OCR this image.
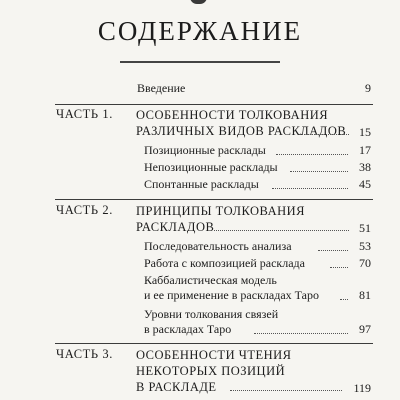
СОДЕРЖАНИЕ
Введение	9
ЧАСТЬ 1. ОСОБЕННОСТИ ТОЛКОВАНИЯ
РАЗЛИЧНЫХ ВИДОВ РАСКЛАДОВ 15
Позиционные расклады	17
Непозиционные расклады	38
Спонтанные расклады	45
ЧАСТЬ 2. ПРИНЦИПЫ ТОЛКОВАНИЯ
РАСКЛАДОВ	51
Последовательность анализа	53
Работа с композицией расклада	70
Каббалистическая модель
и ее применение в раскладах Таро	81
Уровни толкования связей
в раскладах Таро	97
ЧАСТЬ 3. ОСОБЕННОСТИ ЧТЕНИЯ
НЕКОТОРЫХ ПОЗИЦИЙ
В РАСКЛАДЕ	119
